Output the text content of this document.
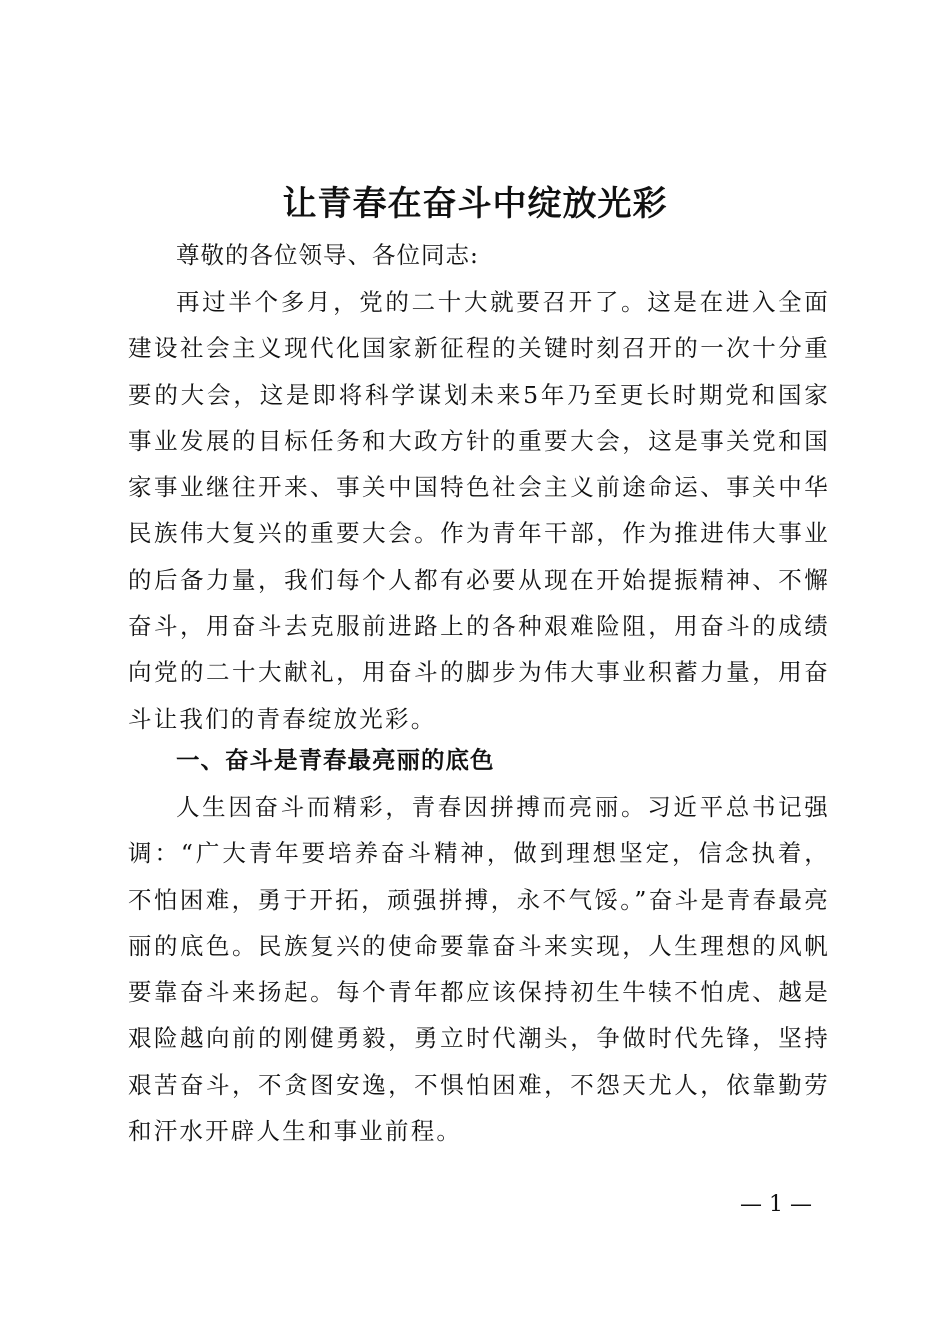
让青春在奋斗中绽放光彩
尊敬的各位领导、各位同志:
再过半个多月，党的二十大就要召开了。这是在进入全面建设社会主义现代化国家新征程的关键时刻召开的一次十分重要的大会，这是即将科学谋划未来5年乃至更长时期党和国家事业发展的目标任务和大政方针的重要大会，这是事关党和国家事业继往开来、事关中国特色社会主义前途命运、事关中华民族伟大复兴的重要大会。作为青年干部，作为推进伟大事业的后备力量，我们每个人都有必要从现在开始提振精神、不懈奋斗，用奋斗去克服前进路上的各种艰难险阻，用奋斗的成绩向党的二十大献礼，用奋斗的脚步为伟大事业积蓄力量，用奋斗让我们的青春绽放光彩。
一、奋斗是青春最亮丽的底色
人生因奋斗而精彩，青春因拼搏而亮丽。习近平总书记强调：“广大青年要培养奋斗精神，做到理想坚定，信念执着，不怕困难，勇于开拓，顽强拼搏，永不气馁。”奋斗是青春最亮丽的底色。民族复兴的使命要靠奋斗来实现，人生理想的风帆要靠奋斗来扬起。每个青年都应该保持初生牛犊不怕虎、越是艰险越向前的刚健勇毅，勇立时代潮头，争做时代先锋，坚持艰苦奋斗，不贪图安逸，不惧怕困难，不怨天尤人，依靠勤劳和汗水开辟人生和事业前程。
— 1 —
